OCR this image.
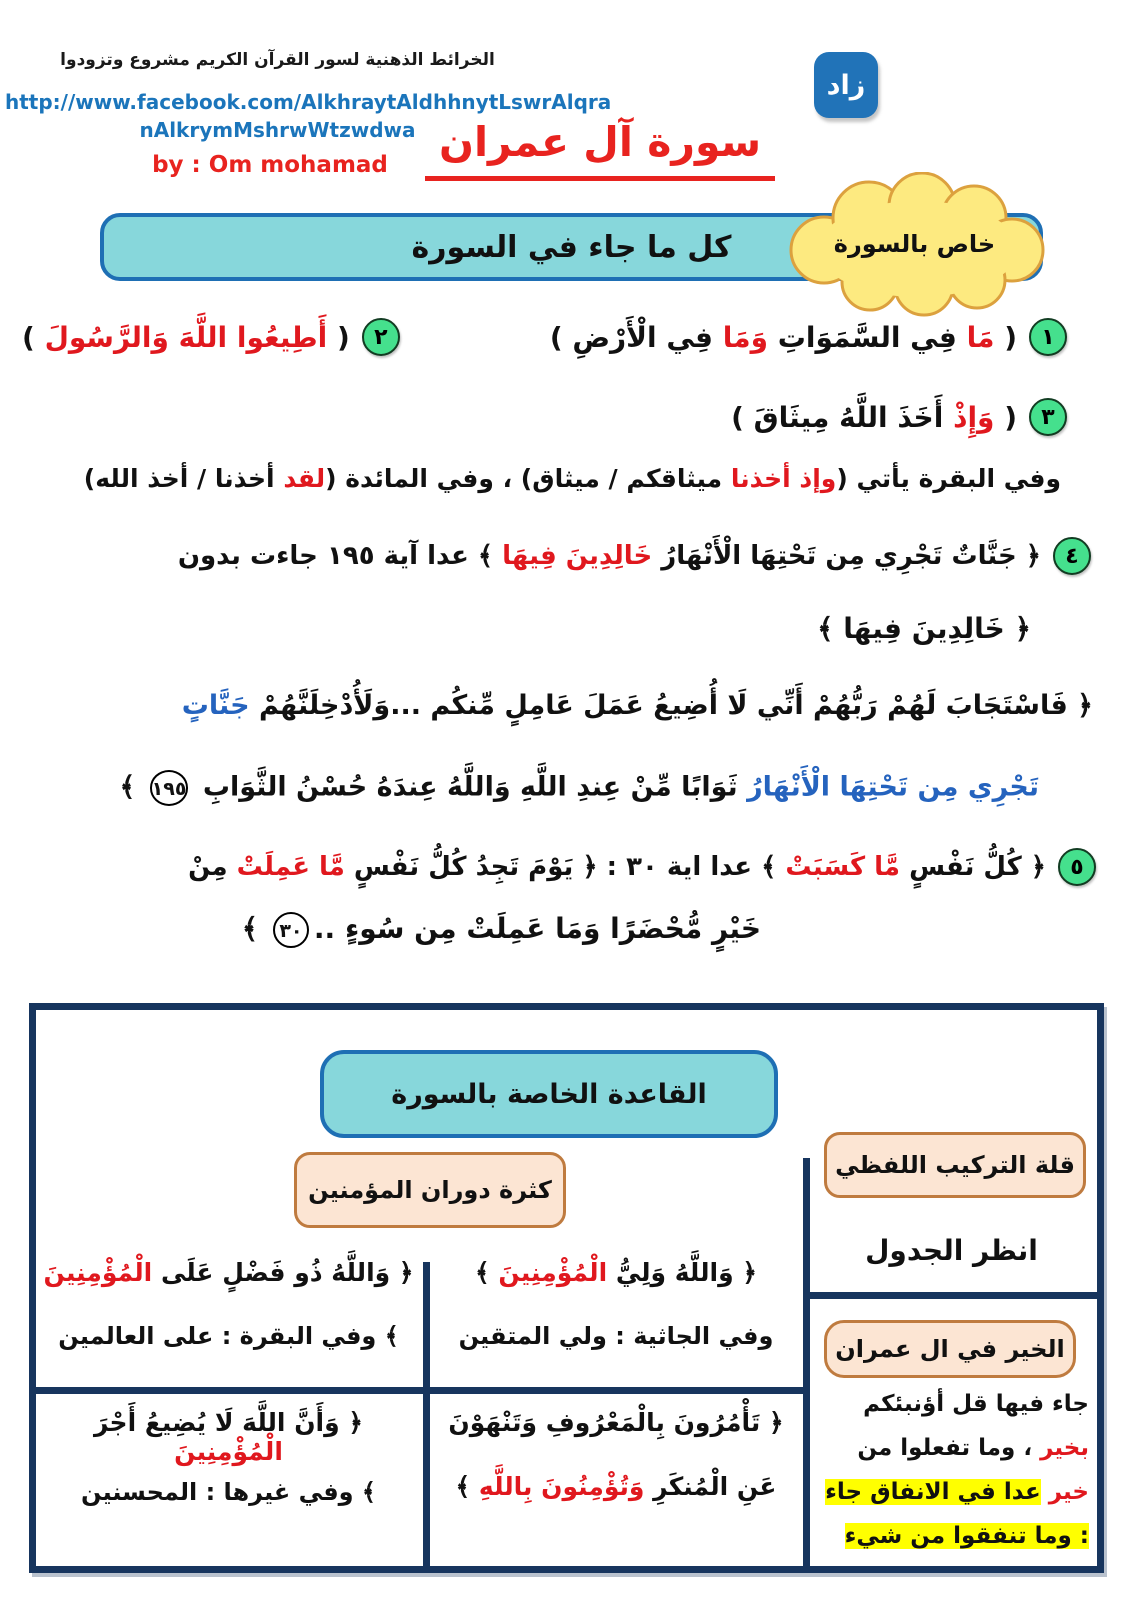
الخرائط الذهنية لسور القرآن الكريم مشروع وتزودوا
http://www.facebook.com/AlkhraytAldhhnytLswrAlqra
nAlkrymMshrwWtzwdwa
by : Om mohamad
زاد
سورة آل عمران
كل ما جاء في السورة	خاص بالسورة
١
( مَا فِي السَّمَوَاتِ وَمَا فِي الْأَرْضِ )
٢
( أَطِيعُوا اللَّهَ وَالرَّسُولَ )
٣
( وَإِذْ أَخَذَ اللَّهُ مِيثَاقَ )
وفي البقرة يأتي (وإذ أخذنا ميثاقكم / ميثاق) ، وفي المائدة (لقد أخذنا / أخذ الله)
٤
﴿ جَنَّاتٌ تَجْرِي مِن تَحْتِهَا الْأَنْهَارُ خَالِدِينَ فِيهَا ﴾ عدا آية ١٩٥ جاءت بدون
﴿ خَالِدِينَ فِيهَا ﴾
﴿ فَاسْتَجَابَ لَهُمْ رَبُّهُمْ أَنِّي لَا أُضِيعُ عَمَلَ عَامِلٍ مِّنكُم ...وَلَأُدْخِلَنَّهُمْ جَنَّاتٍ
تَجْرِي مِن تَحْتِهَا الْأَنْهَارُ ثَوَابًا مِّنْ عِندِ اللَّهِ وَاللَّهُ عِندَهُ حُسْنُ الثَّوَابِ ١٩٥ ﴾
٥
﴿ كُلُّ نَفْسٍ مَّا كَسَبَتْ ﴾ عدا اية ٣٠ : ﴿ يَوْمَ تَجِدُ كُلُّ نَفْسٍ مَّا عَمِلَتْ مِنْ
خَيْرٍ مُّحْضَرًا وَمَا عَمِلَتْ مِن سُوءٍ ..٣٠ ﴾
القاعدة الخاصة بالسورة
كثرة دوران المؤمنين
قلة التركيب اللفظي
انظر الجدول
الخير في ال عمران
جاء فيها قل أؤنبئكم
بخير ، وما تفعلوا من
خير عدا في الانفاق جاء
: وما تنفقوا من شيء
﴿ وَاللَّهُ وَلِيُّ الْمُؤْمِنِينَ ﴾
وفي الجاثية : ولي المتقين
﴿ وَاللَّهُ ذُو فَضْلٍ عَلَى الْمُؤْمِنِينَ
﴾ وفي البقرة : على العالمين
﴿ تَأْمُرُونَ بِالْمَعْرُوفِ وَتَنْهَوْنَ
عَنِ الْمُنكَرِ وَتُؤْمِنُونَ بِاللَّهِ ﴾
﴿ وَأَنَّ اللَّهَ لَا يُضِيعُ أَجْرَ الْمُؤْمِنِينَ
﴾ وفي غيرها : المحسنين
